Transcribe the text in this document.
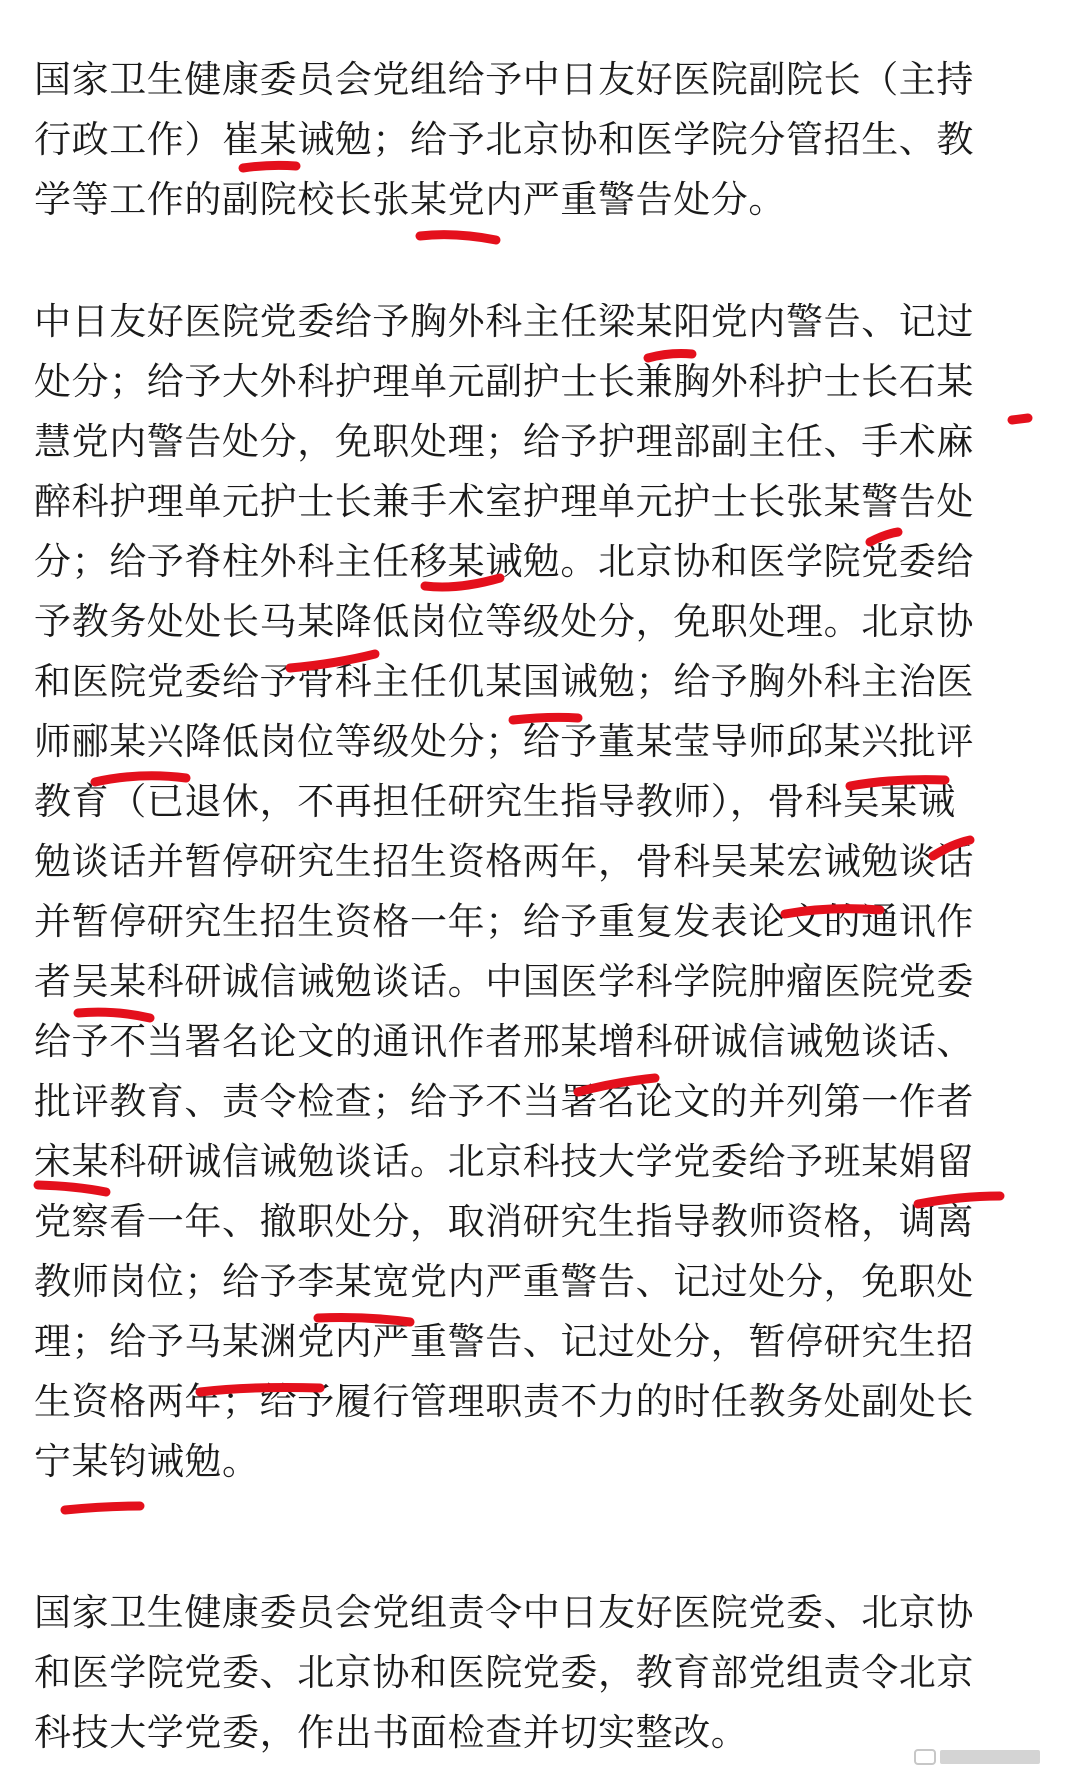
国家卫生健康委员会党组给予中日友好医院副院长（主持
行政工作）崔某诫勉；给予北京协和医学院分管招生、教
学等工作的副院校长张某党内严重警告处分。
中日友好医院党委给予胸外科主任梁某阳党内警告、记过
处分；给予大外科护理单元副护士长兼胸外科护士长石某
慧党内警告处分，免职处理；给予护理部副主任、手术麻
醉科护理单元护士长兼手术室护理单元护士长张某警告处
分；给予脊柱外科主任移某诫勉。北京协和医学院党委给
予教务处处长马某降低岗位等级处分，免职处理。北京协
和医院党委给予骨科主任仉某国诫勉；给予胸外科主治医
师郦某兴降低岗位等级处分；给予董某莹导师邱某兴批评
教育（已退休，不再担任研究生指导教师），骨科吴某诫
勉谈话并暂停研究生招生资格两年，骨科吴某宏诫勉谈话
并暂停研究生招生资格一年；给予重复发表论文的通讯作
者吴某科研诚信诫勉谈话。中国医学科学院肿瘤医院党委
给予不当署名论文的通讯作者邢某增科研诚信诫勉谈话、
批评教育、责令检查；给予不当署名论文的并列第一作者
宋某科研诚信诫勉谈话。北京科技大学党委给予班某娟留
党察看一年、撤职处分，取消研究生指导教师资格，调离
教师岗位；给予李某宽党内严重警告、记过处分，免职处
理；给予马某渊党内严重警告、记过处分，暂停研究生招
生资格两年；给予履行管理职责不力的时任教务处副处长
宁某钧诫勉。
国家卫生健康委员会党组责令中日友好医院党委、北京协
和医学院党委、北京协和医院党委，教育部党组责令北京
科技大学党委，作出书面检查并切实整改。
